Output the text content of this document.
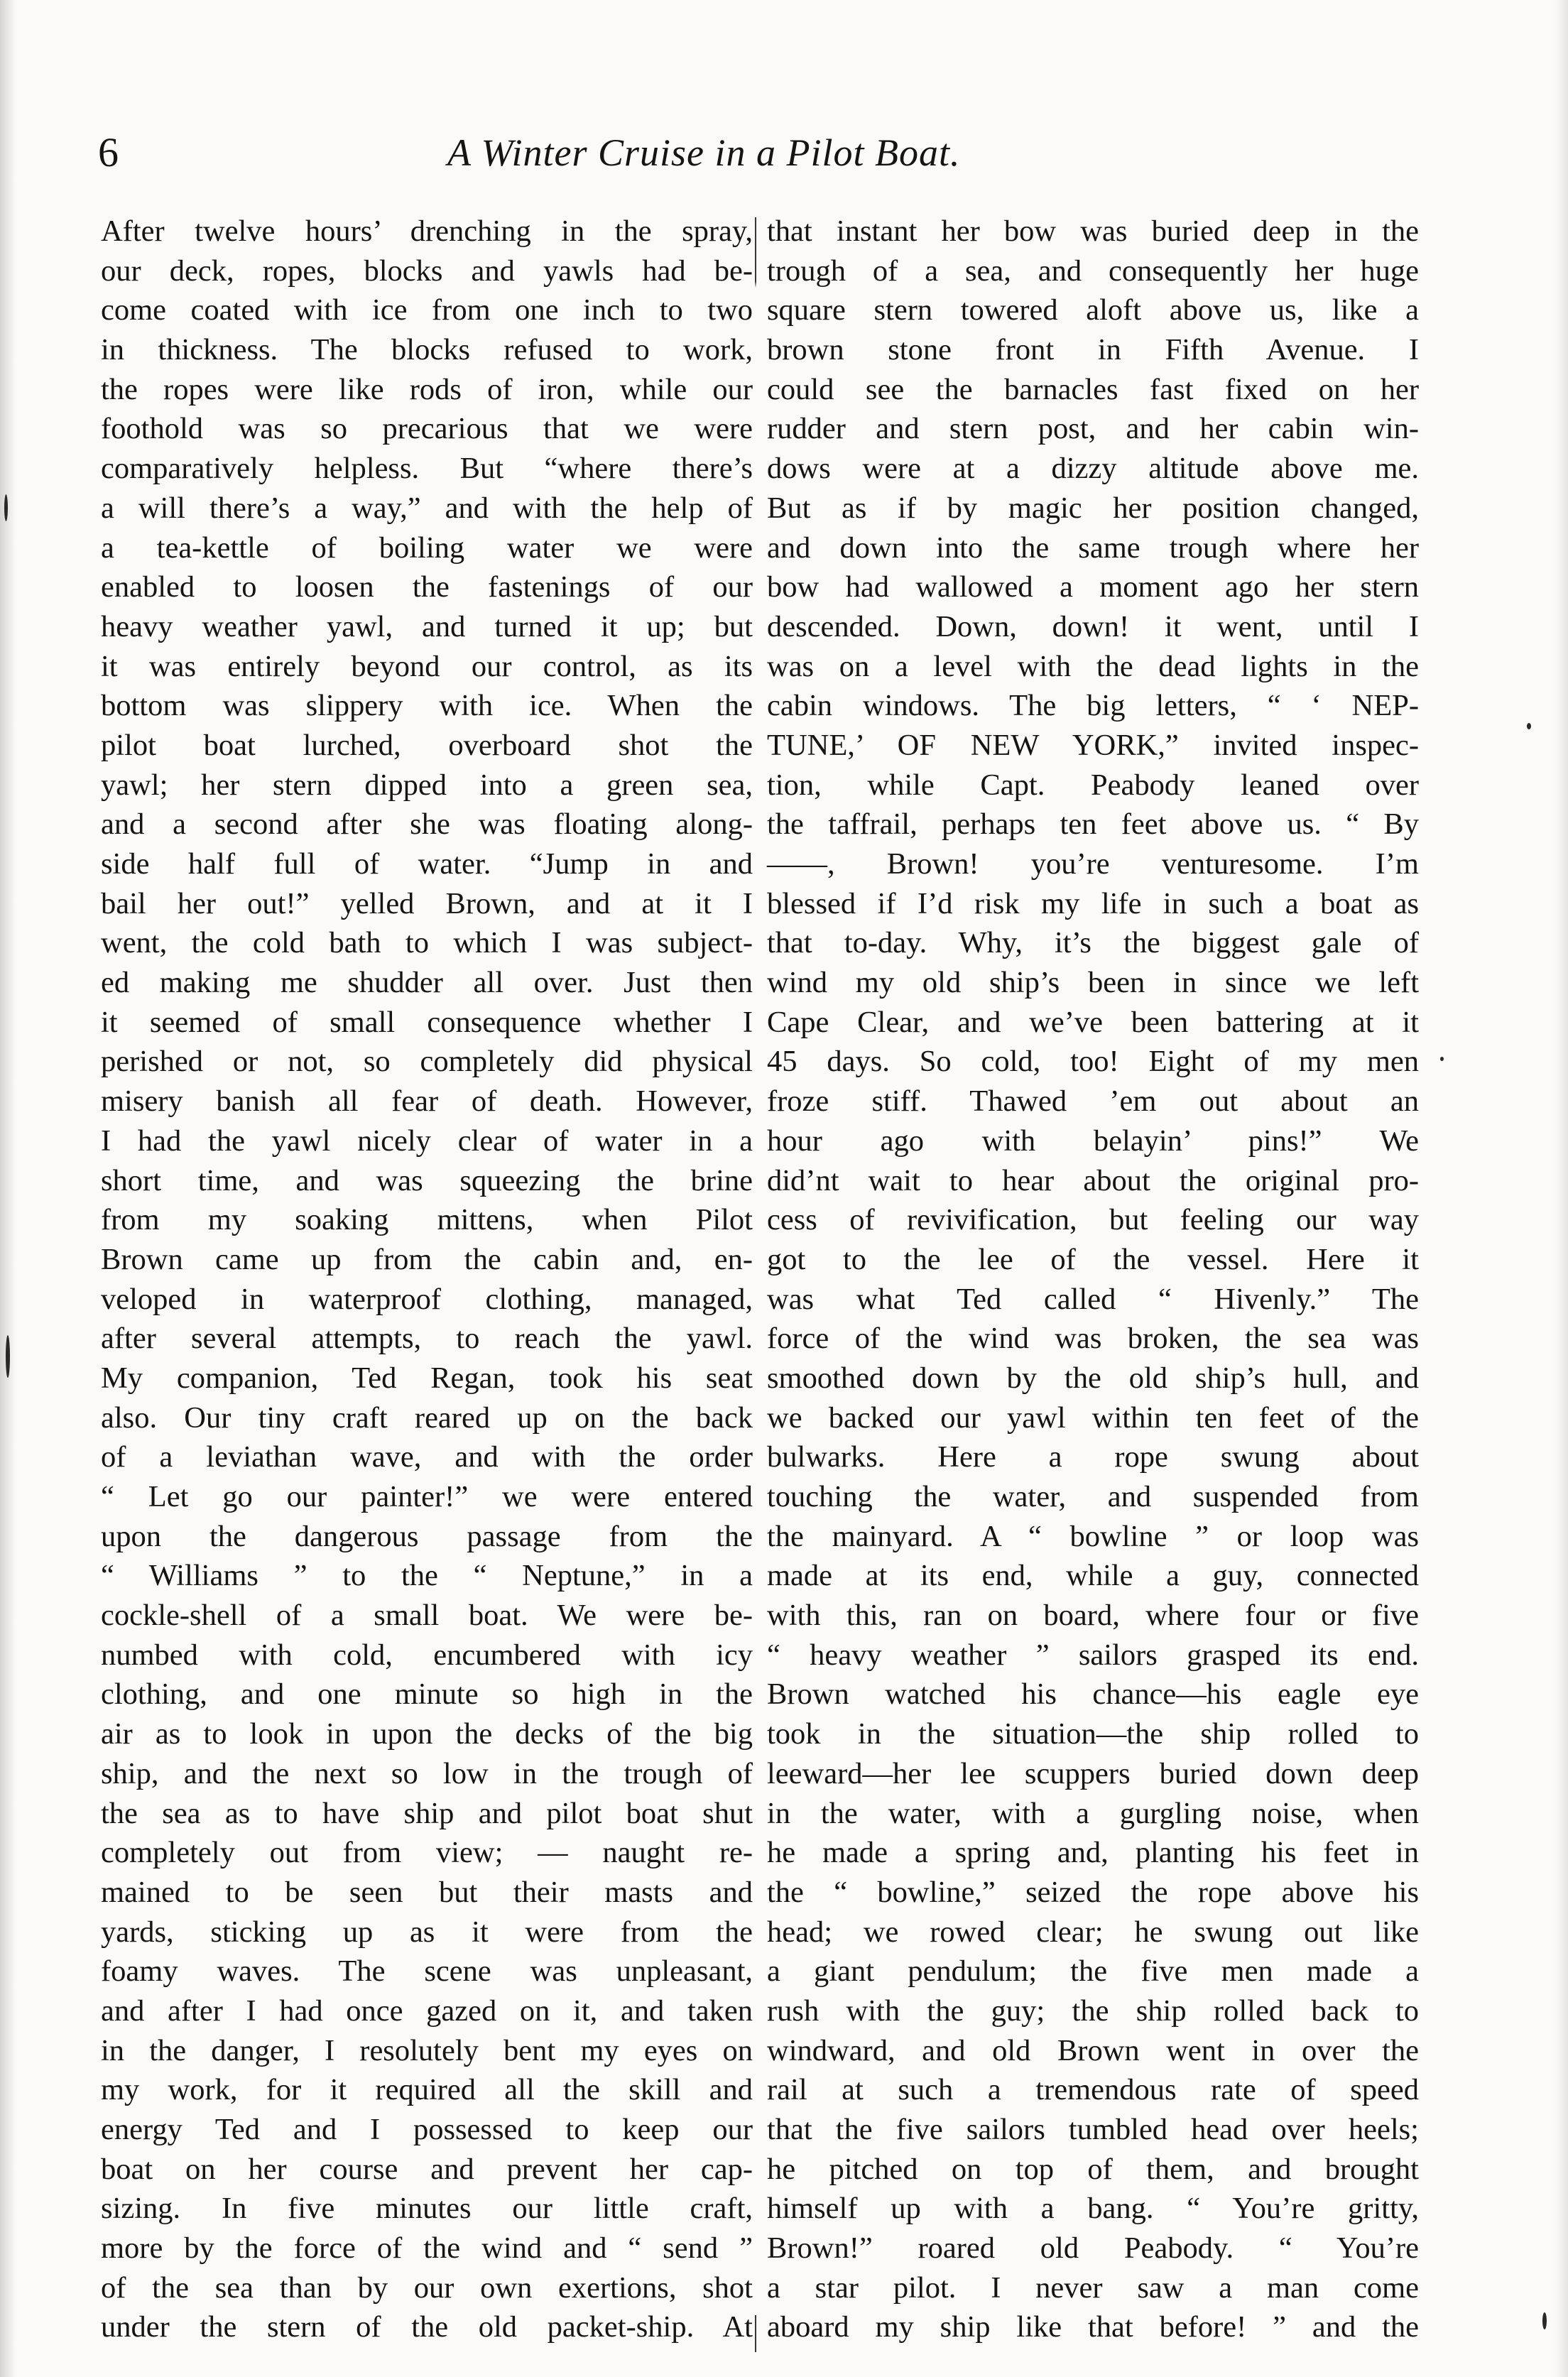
6	A Winter Cruise in a Pilot Boat.
After twelve hours’ drenching in the spray,
our deck, ropes, blocks and yawls had be-
come coated with ice from one inch to two
in thickness. The blocks refused to work,
the ropes were like rods of iron, while our
foothold was so precarious that we were
comparatively helpless. But “where there’s
a will there’s a way,” and with the help of
a tea-kettle of boiling water we were
enabled to loosen the fastenings of our
heavy weather yawl, and turned it up; but
it was entirely beyond our control, as its
bottom was slippery with ice. When the
pilot boat lurched, overboard shot the
yawl; her stern dipped into a green sea,
and a second after she was floating along-
side half full of water. “Jump in and
bail her out!” yelled Brown, and at it I
went, the cold bath to which I was subject-
ed making me shudder all over. Just then
it seemed of small consequence whether I
perished or not, so completely did physical
misery banish all fear of death. However,
I had the yawl nicely clear of water in a
short time, and was squeezing the brine
from my soaking mittens, when Pilot
Brown came up from the cabin and, en-
veloped in waterproof clothing, managed,
after several attempts, to reach the yawl.
My companion, Ted Regan, took his seat
also. Our tiny craft reared up on the back
of a leviathan wave, and with the order
“ Let go our painter!” we were entered
upon the dangerous passage from the
“ Williams ” to the “ Neptune,” in a
cockle-shell of a small boat. We were be-
numbed with cold, encumbered with icy
clothing, and one minute so high in the
air as to look in upon the decks of the big
ship, and the next so low in the trough of
the sea as to have ship and pilot boat shut
completely out from view; — naught re-
mained to be seen but their masts and
yards, sticking up as it were from the
foamy waves. The scene was unpleasant,
and after I had once gazed on it, and taken
in the danger, I resolutely bent my eyes on
my work, for it required all the skill and
energy Ted and I possessed to keep our
boat on her course and prevent her cap-
sizing. In five minutes our little craft,
more by the force of the wind and “ send ”
of the sea than by our own exertions, shot
under the stern of the old packet-ship. At
that instant her bow was buried deep in the
trough of a sea, and consequently her huge
square stern towered aloft above us, like a
brown stone front in Fifth Avenue. I
could see the barnacles fast fixed on her
rudder and stern post, and her cabin win-
dows were at a dizzy altitude above me.
But as if by magic her position changed,
and down into the same trough where her
bow had wallowed a moment ago her stern
descended. Down, down! it went, until I
was on a level with the dead lights in the
cabin windows. The big letters, “ ‘ NEP-
TUNE,’ OF NEW YORK,” invited inspec-
tion, while Capt. Peabody leaned over
the taffrail, perhaps ten feet above us. “ By
——, Brown! you’re venturesome. I’m
blessed if I’d risk my life in such a boat as
that to-day. Why, it’s the biggest gale of
wind my old ship’s been in since we left
Cape Clear, and we’ve been battering at it
45 days. So cold, too! Eight of my men
froze stiff. Thawed ’em out about an
hour ago with belayin’ pins!” We
did’nt wait to hear about the original pro-
cess of revivification, but feeling our way
got to the lee of the vessel. Here it
was what Ted called “ Hivenly.” The
force of the wind was broken, the sea was
smoothed down by the old ship’s hull, and
we backed our yawl within ten feet of the
bulwarks. Here a rope swung about
touching the water, and suspended from
the mainyard. A “ bowline ” or loop was
made at its end, while a guy, connected
with this, ran on board, where four or five
“ heavy weather ” sailors grasped its end.
Brown watched his chance—his eagle eye
took in the situation—the ship rolled to
leeward—her lee scuppers buried down deep
in the water, with a gurgling noise, when
he made a spring and, planting his feet in
the “ bowline,” seized the rope above his
head; we rowed clear; he swung out like
a giant pendulum; the five men made a
rush with the guy; the ship rolled back to
windward, and old Brown went in over the
rail at such a tremendous rate of speed
that the five sailors tumbled head over heels;
he pitched on top of them, and brought
himself up with a bang. “ You’re gritty,
Brown!” roared old Peabody. “ You’re
a star pilot. I never saw a man come
aboard my ship like that before! ” and the
